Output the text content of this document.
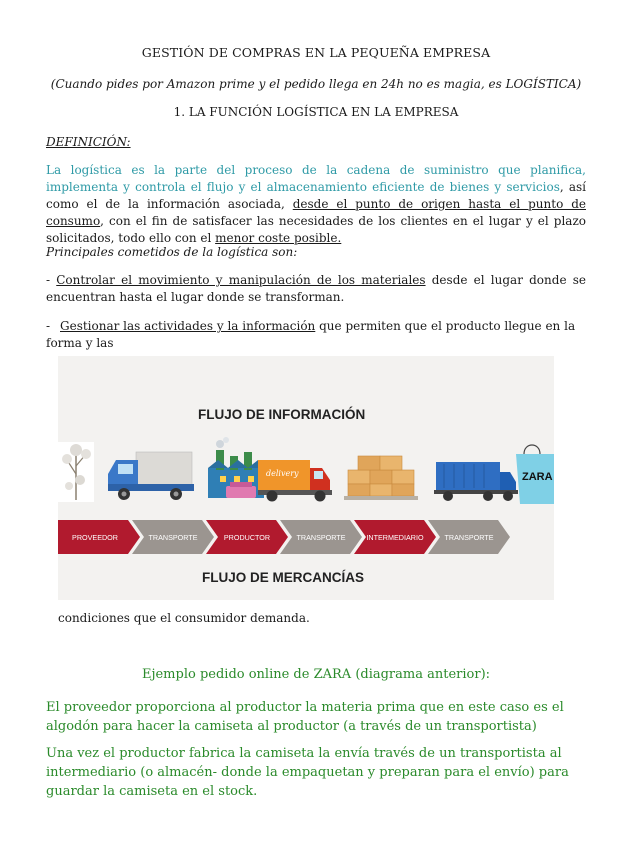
GESTIÓN DE COMPRAS EN LA PEQUEÑA EMPRESA
(Cuando pides por Amazon prime y el pedido llega en 24h no es magia, es LOGÍSTICA)
1. LA FUNCIÓN LOGÍSTICA EN LA EMPRESA
DEFINICIÓN:
La logística es la parte del proceso de la cadena de suministro que planifica, implementa y controla el flujo y el almacenamiento eficiente de bienes y servicios, así como el de la información asociada, desde el punto de origen hasta el punto de consumo, con el fin de satisfacer las necesidades de los clientes en el lugar y el plazo solicitados, todo ello con el menor coste posible.
Principales cometidos de la logística son:
- Controlar el movimiento y manipulación de los materiales desde el lugar donde se encuentran hasta el lugar donde se transforman.
- Gestionar las actividades y la información que permiten que el producto llegue en la forma y las
FLUJO DE INFORMACIÓN
delivery	ZARA
PROVEEDOR	TRANSPORTE	PRODUCTOR	TRANSPORTE	INTERMEDIARIO	TRANSPORTE
FLUJO DE MERCANCÍAS
condiciones que el consumidor demanda.
Ejemplo pedido online de ZARA (diagrama anterior):
El proveedor proporciona al productor la materia prima que en este caso es el algodón para hacer la camiseta al productor (a través de un transportista)
Una vez el productor fabrica la camiseta la envía través de un transportista al intermediario (o almacén- donde la empaquetan y preparan para el envío) para guardar la camiseta en el stock.
